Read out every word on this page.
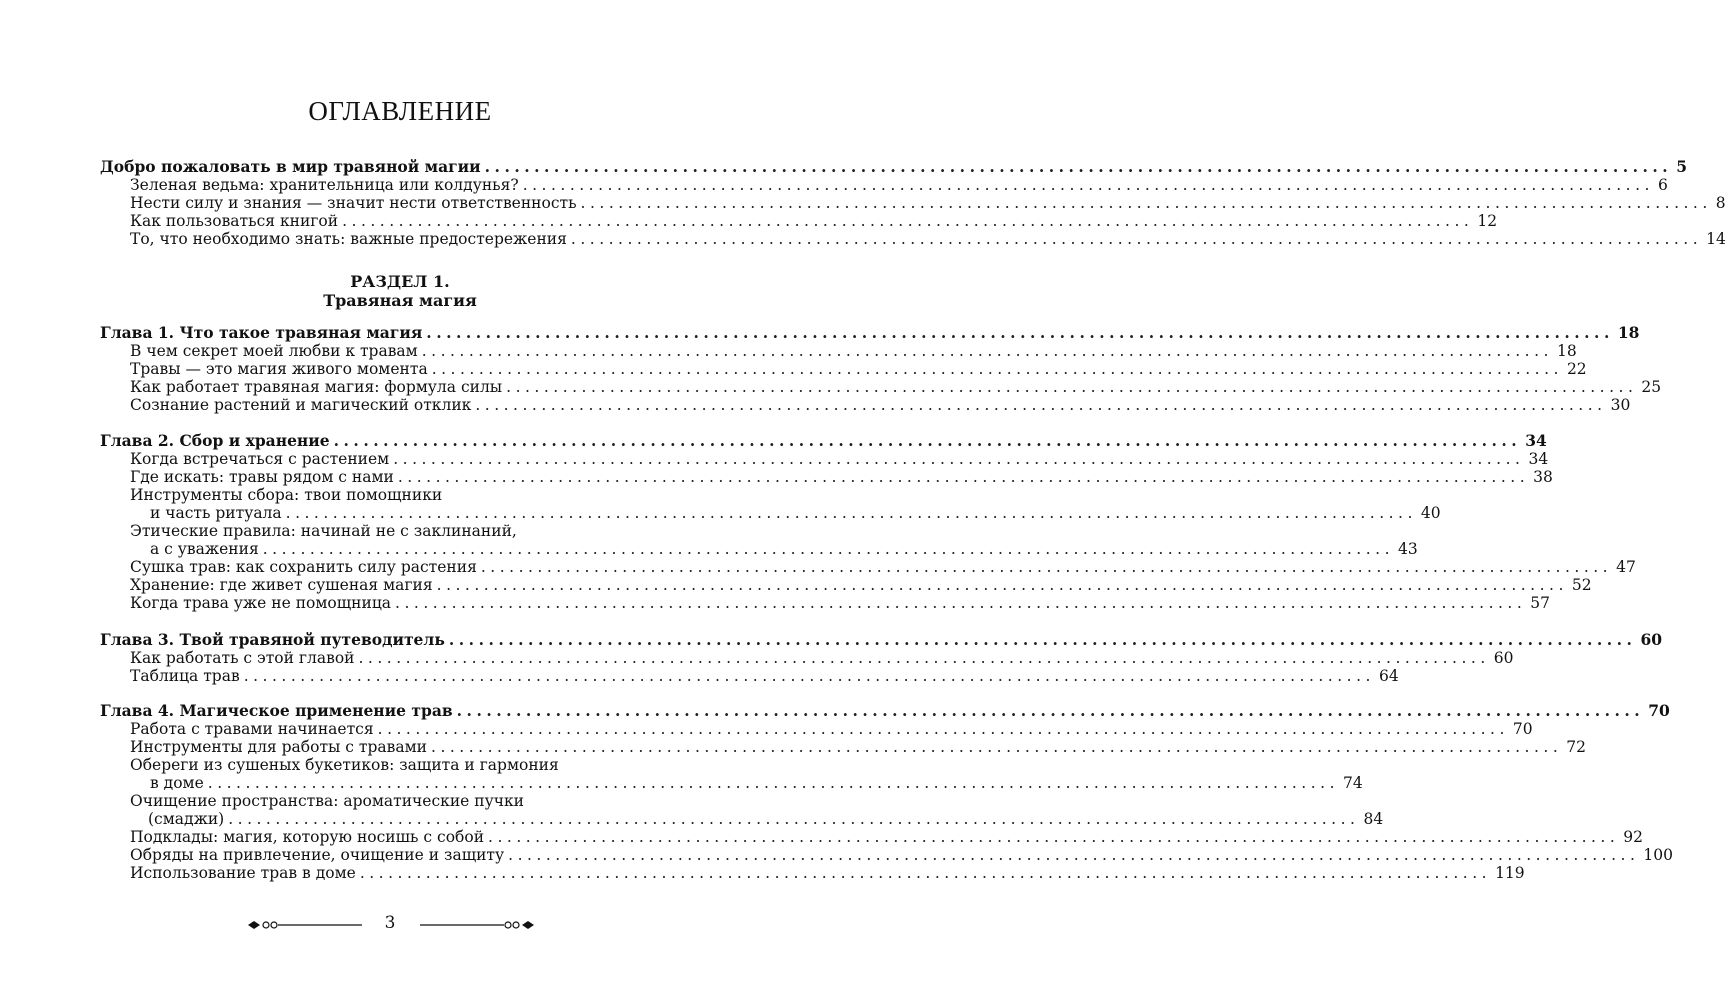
ОГЛАВЛЕНИЕ
Добро пожаловать в мир травяной магии ........................................................................................................................ 5
Зеленая ведьма: хранительница или колдунья? ........................................................................................................................ 6
Нести силу и знания — значит нести ответственность ........................................................................................................................ 8
Как пользоваться книгой ........................................................................................................................ 12
То, что необходимо знать: важные предостережения ........................................................................................................................ 14
РАЗДЕЛ 1.
Травяная магия
Глава 1. Что такое травяная магия ........................................................................................................................ 18
В чем секрет моей любви к травам ........................................................................................................................ 18
Травы — это магия живого момента ........................................................................................................................ 22
Как работает травяная магия: формула силы ........................................................................................................................ 25
Сознание растений и магический отклик ........................................................................................................................ 30
Глава 2. Сбор и хранение ........................................................................................................................ 34
Когда встречаться с растением ........................................................................................................................ 34
Где искать: травы рядом с нами ........................................................................................................................ 38
Инструменты сбора: твои помощники
и часть ритуала ........................................................................................................................ 40
Этические правила: начинай не с заклинаний,
а с уважения ........................................................................................................................ 43
Сушка трав: как сохранить силу растения ........................................................................................................................ 47
Хранение: где живет сушеная магия ........................................................................................................................ 52
Когда трава уже не помощница ........................................................................................................................ 57
Глава 3. Твой травяной путеводитель ........................................................................................................................ 60
Как работать с этой главой ........................................................................................................................ 60
Таблица трав ........................................................................................................................ 64
Глава 4. Магическое применение трав ........................................................................................................................ 70
Работа с травами начинается ........................................................................................................................ 70
Инструменты для работы с травами ........................................................................................................................ 72
Обереги из сушеных букетиков: защита и гармония
в доме ........................................................................................................................ 74
Очищение пространства: ароматические пучки
(смаджи) ........................................................................................................................ 84
Подклады: магия, которую носишь с собой ........................................................................................................................ 92
Обряды на привлечение, очищение и защиту ........................................................................................................................ 100
Использование трав в доме ........................................................................................................................ 119
3
